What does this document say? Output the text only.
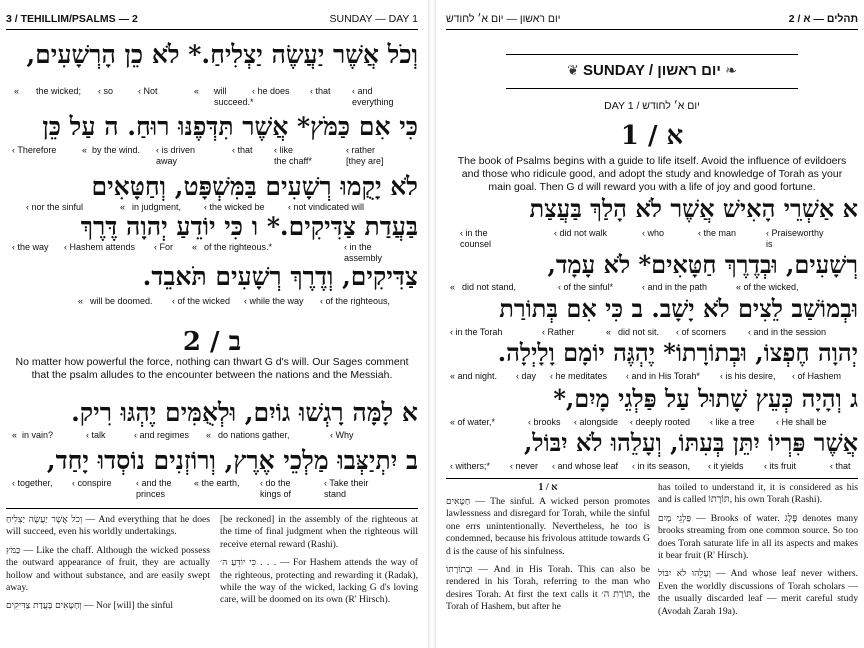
3 / TEHILLIM/PSALMS — 2	SUNDAY — DAY 1
וְכֹל אֲשֶׁר יַעֲשֶׂה יַצְלִיחַ.* לֹא כֵן הָרְשָׁעִים,
« the wicked; ‹ so	‹ Not	« will
succeed.*
‹ he does ‹ that ‹ and
everything
כִּי אִם כַּמֹּץ* אֲשֶׁר תִּדְּפֶנּוּ רוּחַ. ה עַל כֵּן
‹ Therefore	« by the wind. ‹ is driven
away
‹ that ‹ like
the chaff*
‹ rather
[they are]
לֹא יָקֻמוּ רְשָׁעִים בַּמִּשְׁפָּט, וְחַטָּאִים
‹ nor the sinful	« in judgment,	‹ the wicked be	‹ not vindicated will
בַּעֲדַת צַדִּיקִים.* ו כִּי יוֹדֵעַ יְהוָה דֶּרֶךְ
‹ the way ‹ Hashem attends ‹ For « of the righteous.*	‹ in the
assembly
צַדִּיקִים, וְדֶרֶךְ רְשָׁעִים תֹּאבֵד.
« will be doomed. ‹ of the wicked ‹ while the way ‹ of the righteous,
2 / ב
No matter how powerful the force, nothing can thwart G d's will. Our Sages comment that the psalm alludes to the encounter between the nations and the Messiah.
א לָמָּה רָגְשׁוּ גוֹיִם, וּלְאֻמִּים יֶהְגּוּ רִיק.
« in vain?	‹ talk	‹ and regimes « do nations gather,	‹ Why
ב יִתְיַצְּבוּ מַלְכֵי אֶרֶץ, וְרוֹזְנִים נוֹסְדוּ יָחַד,
‹ together, ‹ conspire	‹ and the
princes
« the earth, ‹ do the
kings of
‹ Take their
stand
וְכֹל אֲשֶׁר יַעֲשֶׂה יַצְלִיחַ — And everything that he does will succeed, even his worldly undertakings.
כַּמֹּץ — Like the chaff. Although the wicked possess the outward appearance of fruit, they are actually hollow and without substance, and are easily swept away.
וְחַטָּאִים בַּעֲדַת צַדִּיקִים — Nor [will] the sinful
[be reckoned] in the assembly of the righteous at the time of final judgment when the righteous will receive eternal reward (Rashi).
כִּי יוֹדֵעַ ה׳ . . . — For Hashem attends the way of the righteous, protecting and rewarding it (Radak), while the way of the wicked, lacking G d's loving care, will be doomed on its own (R' Hirsch).
יום ראשון — יום א׳ לחודש	2 / תהלים — א
❦ SUNDAY / יום ראשון ❧
DAY 1 / יום א׳ לחודש
1 / א
The book of Psalms begins with a guide to life itself. Avoid the influence of evildoers and those who ridicule good, and adopt the study and knowledge of Torah as your main goal. Then G d will reward you with a life of joy and good fortune.
א אַשְׁרֵי הָאִישׁ אֲשֶׁר לֹא הָלַךְ בַּעֲצַת
‹ in the
counsel
‹ did not walk	‹ who	‹ the man	‹ Praiseworthy
is
רְשָׁעִים, וּבְדֶרֶךְ חַטָּאִים* לֹא עָמָד,
« did not stand,	‹ of the sinful*	‹ and in the path	« of the wicked,
וּבְמוֹשַׁב לֵצִים לֹא יָשָׁב. ב כִּי אִם בְּתוֹרַת
‹ in the Torah	‹ Rather	« did not sit. ‹ of scorners ‹ and in the session
יְהוָה חֶפְצוֹ, וּבְתוֹרָתוֹ* יֶהְגֶּה יוֹמָם וָלָיְלָה.
« and night. ‹ day ‹ he meditates ‹ and in His Torah* ‹ is his desire, ‹ of Hashem
ג וְהָיָה כְּעֵץ שָׁתוּל עַל פַּלְגֵי מָיִם,*
« of water,*	‹ brooks ‹ alongside ‹ deeply rooted ‹ like a tree ‹ He shall be
אֲשֶׁר פִּרְיוֹ יִתֵּן בְּעִתּוֹ, וְעָלֵהוּ לֹא יִבּוֹל,
‹ withers;* ‹ never ‹ and whose leaf ‹ in its season, ‹ it yields ‹ its fruit	‹ that
1 / א
חַטָּאִים — The sinful. A wicked person promotes lawlessness and disregard for Torah, while the sinful one errs unintentionally. Nevertheless, he too is condemned, because his frivolous attitude towards G d is the cause of his sinfulness.
וּבְתוֹרָתוֹ — And in His Torah. This can also be rendered in his Torah, referring to the man who desires Torah. At first the text calls it תּוֹרַת ה׳, the Torah of Hashem, but after he
has toiled to understand it, it is considered as his and is called תּוֹרָתוֹ, his own Torah (Rashi).
פַּלְגֵי מָיִם — Brooks of water. פֶּלֶג denotes many brooks streaming from one common source. So too does Torah saturate life in all its aspects and makes it bear fruit (R' Hirsch).
וְעָלֵהוּ לֹא יִבּוֹל — And whose leaf never withers. Even the worldly discussions of Torah scholars — the usually discarded leaf — merit careful study (Avodah Zarah 19a).
